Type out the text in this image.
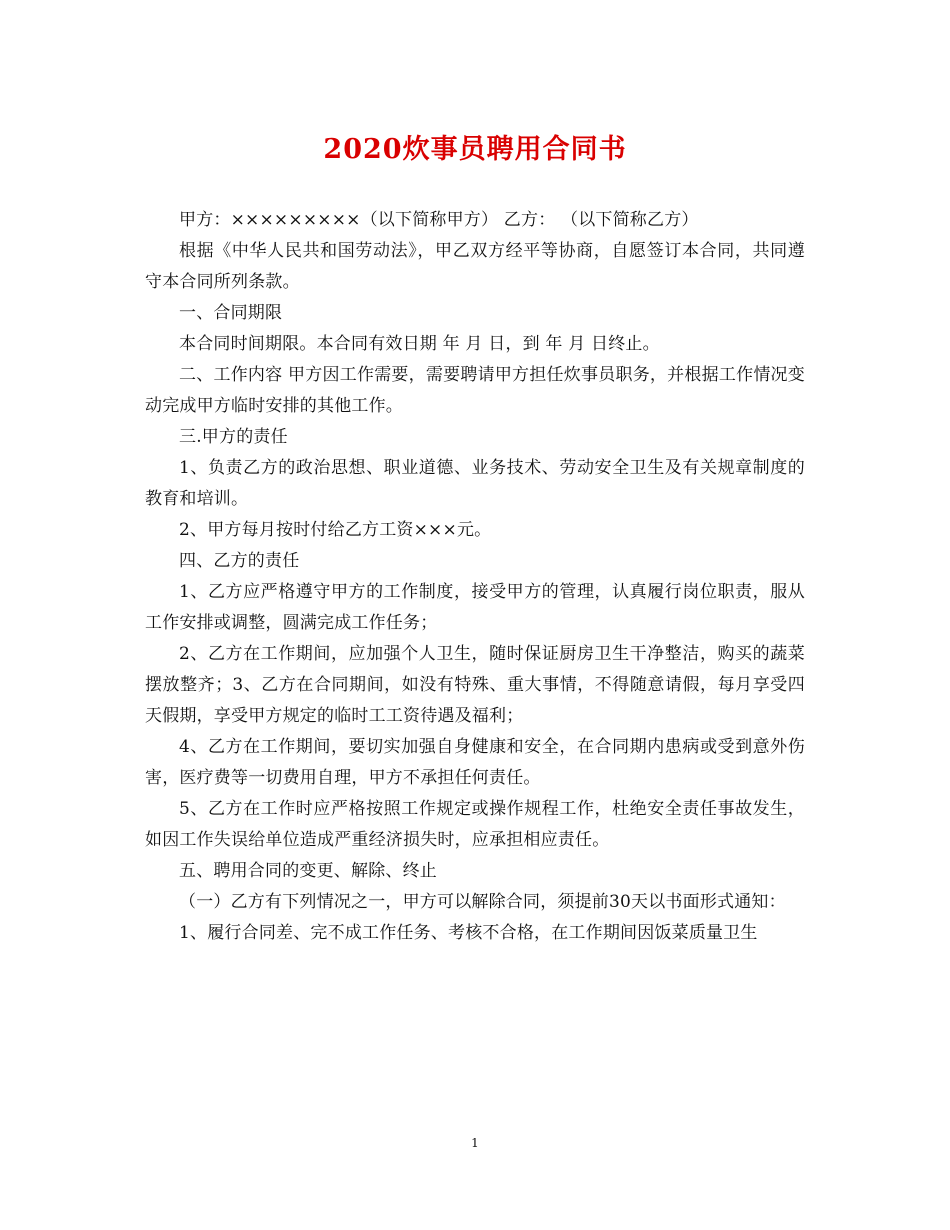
2020炊事员聘用合同书

甲方：×××××××××（以下简称甲方） 乙方： （以下简称乙方）

根据《中华人民共和国劳动法》，甲乙双方经平等协商，自愿签订本合同，共同遵守本合同所列条款。

一、合同期限

本合同时间期限。本合同有效日期 年 月 日，到 年 月 日终止。

二、工作内容 甲方因工作需要，需要聘请甲方担任炊事员职务，并根据工作情况变动完成甲方临时安排的其他工作。

三.甲方的责任

1、负责乙方的政治思想、职业道德、业务技术、劳动安全卫生及有关规章制度的教育和培训。

2、甲方每月按时付给乙方工资×××元。

四、乙方的责任

1、乙方应严格遵守甲方的工作制度，接受甲方的管理，认真履行岗位职责，服从工作安排或调整，圆满完成工作任务；

2、乙方在工作期间，应加强个人卫生，随时保证厨房卫生干净整洁，购买的蔬菜摆放整齐；3、乙方在合同期间，如没有特殊、重大事情，不得随意请假，每月享受四天假期，享受甲方规定的临时工工资待遇及福利；

4、乙方在工作期间，要切实加强自身健康和安全，在合同期内患病或受到意外伤害，医疗费等一切费用自理，甲方不承担任何责任。

5、乙方在工作时应严格按照工作规定或操作规程工作，杜绝安全责任事故发生，如因工作失误给单位造成严重经济损失时，应承担相应责任。

五、聘用合同的变更、解除、终止

（一）乙方有下列情况之一，甲方可以解除合同，须提前30天以书面形式通知：

1、履行合同差、完不成工作任务、考核不合格，在工作期间因饭菜质量卫生

1
